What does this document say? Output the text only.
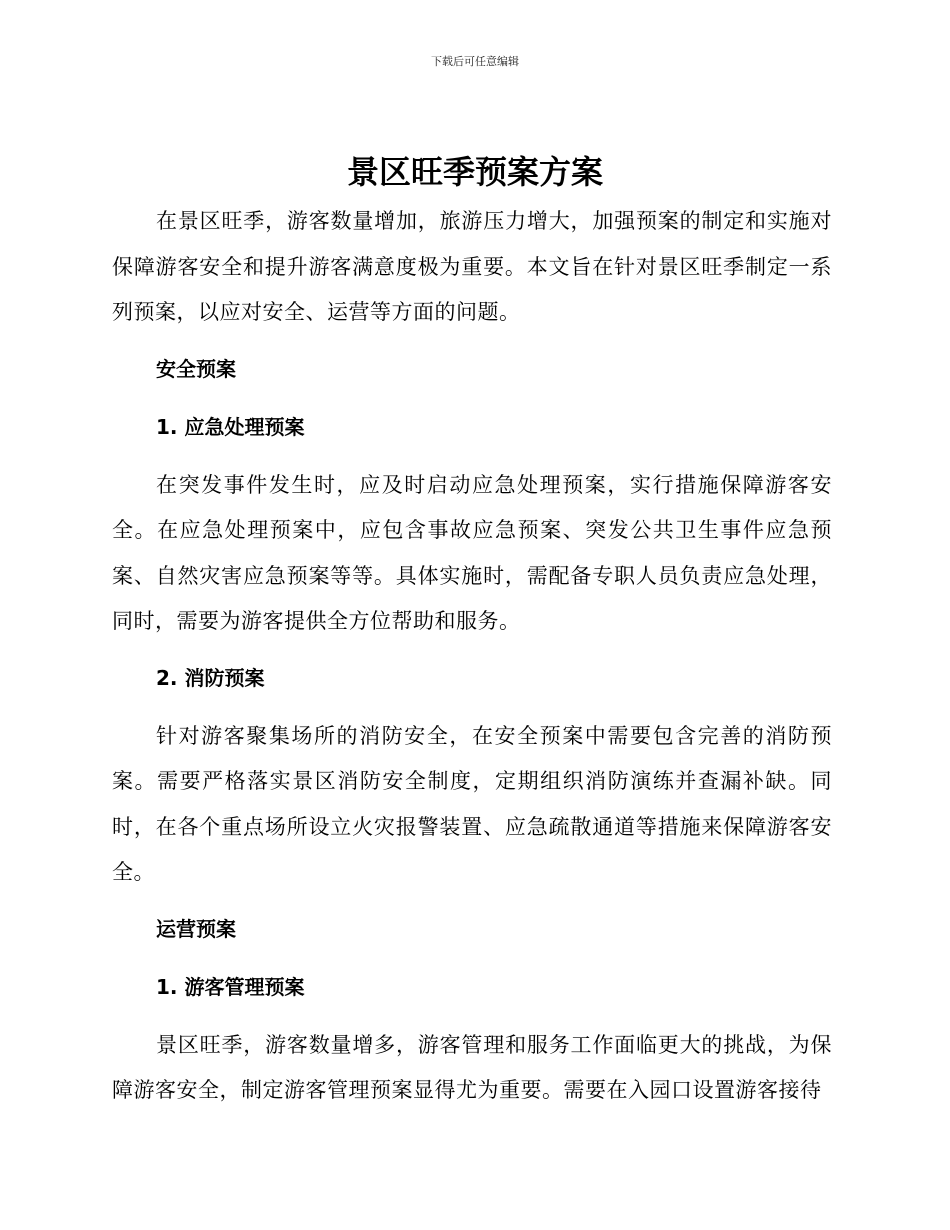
下载后可任意编辑
景区旺季预案方案

在景区旺季，游客数量增加，旅游压力增大，加强预案的制定和实施对保障游客安全和提升游客满意度极为重要。本文旨在针对景区旺季制定一系列预案，以应对安全、运营等方面的问题。

安全预案
1. 应急处理预案

在突发事件发生时，应及时启动应急处理预案，实行措施保障游客安全。在应急处理预案中，应包含事故应急预案、突发公共卫生事件应急预案、自然灾害应急预案等等。具体实施时，需配备专职人员负责应急处理，同时，需要为游客提供全方位帮助和服务。

2. 消防预案

针对游客聚集场所的消防安全，在安全预案中需要包含完善的消防预案。需要严格落实景区消防安全制度，定期组织消防演练并查漏补缺。同时，在各个重点场所设立火灾报警装置、应急疏散通道等措施来保障游客安全。

运营预案
1. 游客管理预案

景区旺季，游客数量增多，游客管理和服务工作面临更大的挑战，为保障游客安全，制定游客管理预案显得尤为重要。需要在入园口设置游客接待
